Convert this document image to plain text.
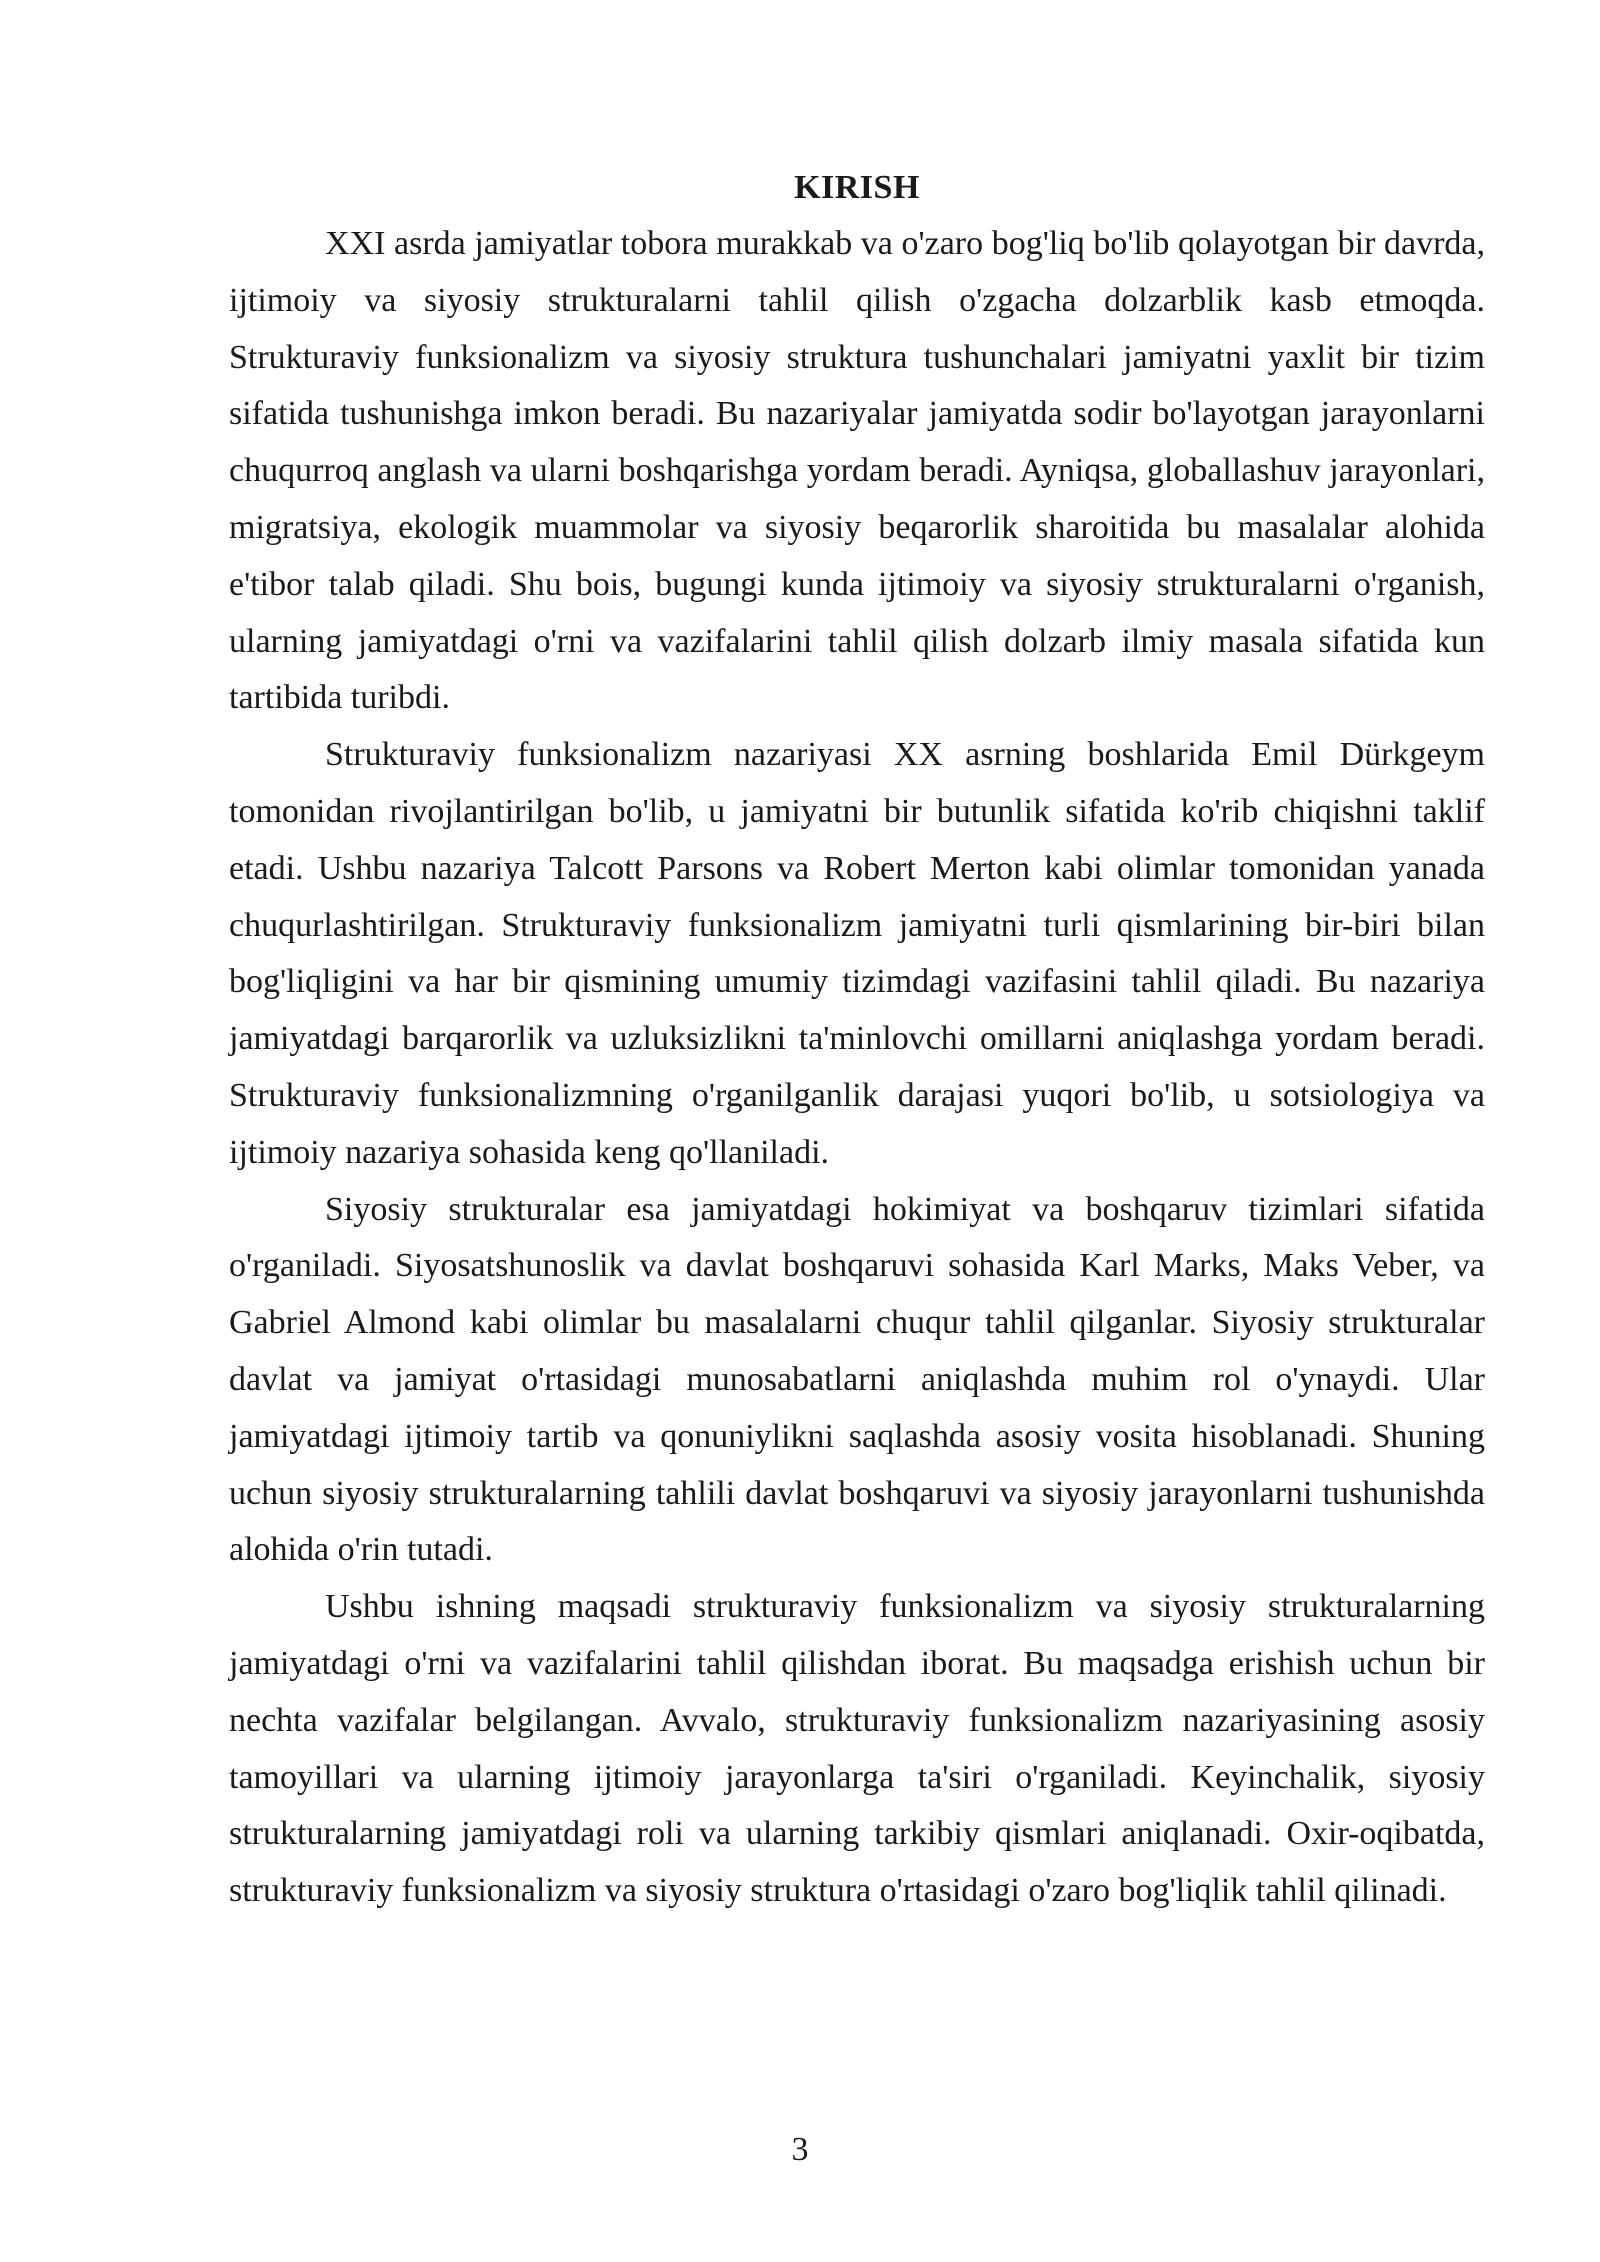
KIRISH

XXI asrda jamiyatlar tobora murakkab va o'zaro bog'liq bo'lib qolayotgan bir davrda, ijtimoiy va siyosiy strukturalarni tahlil qilish o'zgacha dolzarblik kasb etmoqda. Strukturaviy funksionalizm va siyosiy struktura tushunchalari jamiyatni yaxlit bir tizim sifatida tushunishga imkon beradi. Bu nazariyalar jamiyatda sodir bo'layotgan jarayonlarni chuqurroq anglash va ularni boshqarishga yordam beradi. Ayniqsa, globallashuv jarayonlari, migratsiya, ekologik muammolar va siyosiy beqarorlik sharoitida bu masalalar alohida e'tibor talab qiladi. Shu bois, bugungi kunda ijtimoiy va siyosiy strukturalarni o'rganish, ularning jamiyatdagi o'rni va vazifalarini tahlil qilish dolzarb ilmiy masala sifatida kun tartibida turibdi.

Strukturaviy funksionalizm nazariyasi XX asrning boshlarida Emil Dürkgeym tomonidan rivojlantirilgan bo'lib, u jamiyatni bir butunlik sifatida ko'rib chiqishni taklif etadi. Ushbu nazariya Talcott Parsons va Robert Merton kabi olimlar tomonidan yanada chuqurlashtirilgan. Strukturaviy funksionalizm jamiyatni turli qismlarining bir-biri bilan bog'liqligini va har bir qismining umumiy tizimdagi vazifasini tahlil qiladi. Bu nazariya jamiyatdagi barqarorlik va uzluksizlikni ta'minlovchi omillarni aniqlashga yordam beradi. Strukturaviy funksionalizmning o'rganilganlik darajasi yuqori bo'lib, u sotsiologiya va ijtimoiy nazariya sohasida keng qo'llaniladi.

Siyosiy strukturalar esa jamiyatdagi hokimiyat va boshqaruv tizimlari sifatida o'rganiladi. Siyosatshunoslik va davlat boshqaruvi sohasida Karl Marks, Maks Veber, va Gabriel Almond kabi olimlar bu masalalarni chuqur tahlil qilganlar. Siyosiy strukturalar davlat va jamiyat o'rtasidagi munosabatlarni aniqlashda muhim rol o'ynaydi. Ular jamiyatdagi ijtimoiy tartib va qonuniylikni saqlashda asosiy vosita hisoblanadi. Shuning uchun siyosiy strukturalarning tahlili davlat boshqaruvi va siyosiy jarayonlarni tushunishda alohida o'rin tutadi.

Ushbu ishning maqsadi strukturaviy funksionalizm va siyosiy strukturalarning jamiyatdagi o'rni va vazifalarini tahlil qilishdan iborat. Bu maqsadga erishish uchun bir nechta vazifalar belgilangan. Avvalo, strukturaviy funksionalizm nazariyasining asosiy tamoyillari va ularning ijtimoiy jarayonlarga ta'siri o'rganiladi. Keyinchalik, siyosiy strukturalarning jamiyatdagi roli va ularning tarkibiy qismlari aniqlanadi. Oxir-oqibatda, strukturaviy funksionalizm va siyosiy struktura o'rtasidagi o'zaro bog'liqlik tahlil qilinadi.

3
